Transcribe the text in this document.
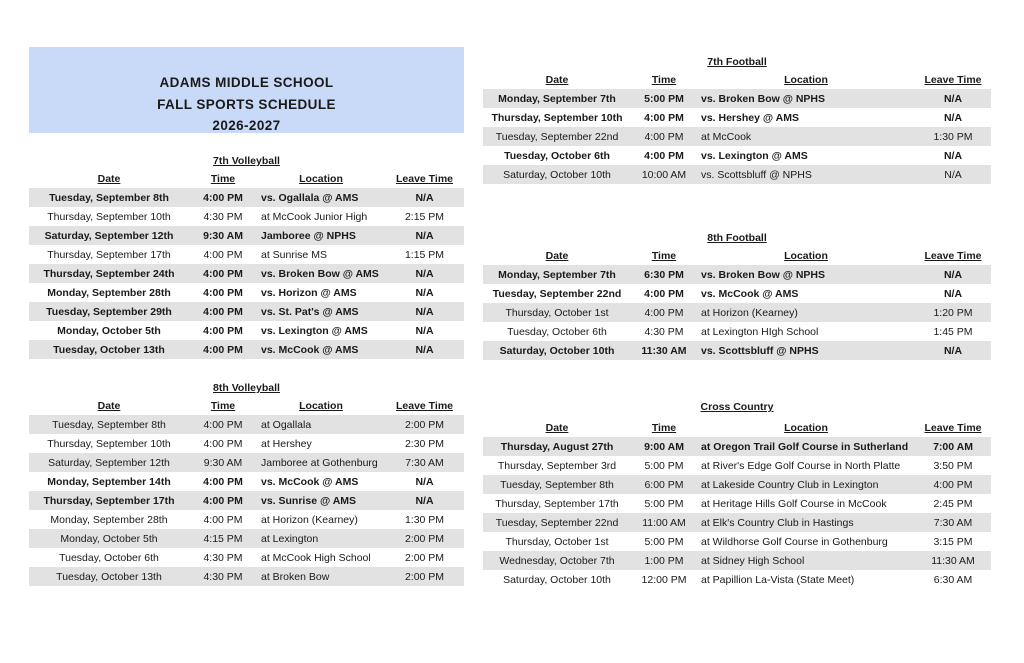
ADAMS MIDDLE SCHOOL
FALL SPORTS SCHEDULE
2026-2027
7th Volleyball
Date	Time	Location	Leave Time
Tuesday, September 8th	4:00 PM	vs. Ogallala @ AMS	N/A
Thursday, September 10th	4:30 PM	at McCook Junior High	2:15 PM
Saturday, September 12th	9:30 AM	Jamboree @ NPHS	N/A
Thursday, September 17th	4:00 PM	at Sunrise MS	1:15 PM
Thursday, September 24th	4:00 PM	vs. Broken Bow @ AMS	N/A
Monday, September 28th	4:00 PM	vs. Horizon @ AMS	N/A
Tuesday, September 29th	4:00 PM	vs. St. Pat's @ AMS	N/A
Monday, October 5th	4:00 PM	vs. Lexington @ AMS	N/A
Tuesday, October 13th	4:00 PM	vs. McCook @ AMS	N/A
8th Volleyball
Date	Time	Location	Leave Time
Tuesday, September 8th	4:00 PM	at Ogallala	2:00 PM
Thursday, September 10th	4:00 PM	at Hershey	2:30 PM
Saturday, September 12th	9:30 AM	Jamboree at Gothenburg	7:30 AM
Monday, September 14th	4:00 PM	vs. McCook @ AMS	N/A
Thursday, September 17th	4:00 PM	vs. Sunrise @ AMS	N/A
Monday, September 28th	4:00 PM	at Horizon (Kearney)	1:30 PM
Monday, October 5th	4:15 PM	at Lexington	2:00 PM
Tuesday, October 6th	4:30 PM	at McCook High School	2:00 PM
Tuesday, October 13th	4:30 PM	at Broken Bow	2:00 PM
7th Football
Date	Time	Location	Leave Time
Monday, September 7th	5:00 PM	vs. Broken Bow @ NPHS	N/A
Thursday, September 10th	4:00 PM	vs. Hershey @ AMS	N/A
Tuesday, September 22nd	4:00 PM	at McCook	1:30 PM
Tuesday, October 6th	4:00 PM	vs. Lexington @ AMS	N/A
Saturday, October 10th	10:00 AM	vs. Scottsbluff @ NPHS	N/A
8th Football
Date	Time	Location	Leave Time
Monday, September 7th	6:30 PM	vs. Broken Bow @ NPHS	N/A
Tuesday, September 22nd	4:00 PM	vs. McCook @ AMS	N/A
Thursday, October 1st	4:00 PM	at Horizon (Kearney)	1:20 PM
Tuesday, October 6th	4:30 PM	at Lexington HIgh School	1:45 PM
Saturday, October 10th	11:30 AM	vs. Scottsbluff @ NPHS	N/A
Cross Country
Date	Time	Location	Leave Time
Thursday, August 27th	9:00 AM	at Oregon Trail Golf Course in Sutherland	7:00 AM
Thursday, September 3rd	5:00 PM	at River's Edge Golf Course in North Platte	3:50 PM
Tuesday, September 8th	6:00 PM	at Lakeside Country Club in Lexington	4:00 PM
Thursday, September 17th	5:00 PM	at Heritage Hills Golf Course in McCook	2:45 PM
Tuesday, September 22nd	11:00 AM	at Elk's Country Club in Hastings	7:30 AM
Thursday, October 1st	5:00 PM	at Wildhorse Golf Course in Gothenburg	3:15 PM
Wednesday, October 7th	1:00 PM	at Sidney High School	11:30 AM
Saturday, October 10th	12:00 PM	at Papillion La-Vista (State Meet)	6:30 AM
